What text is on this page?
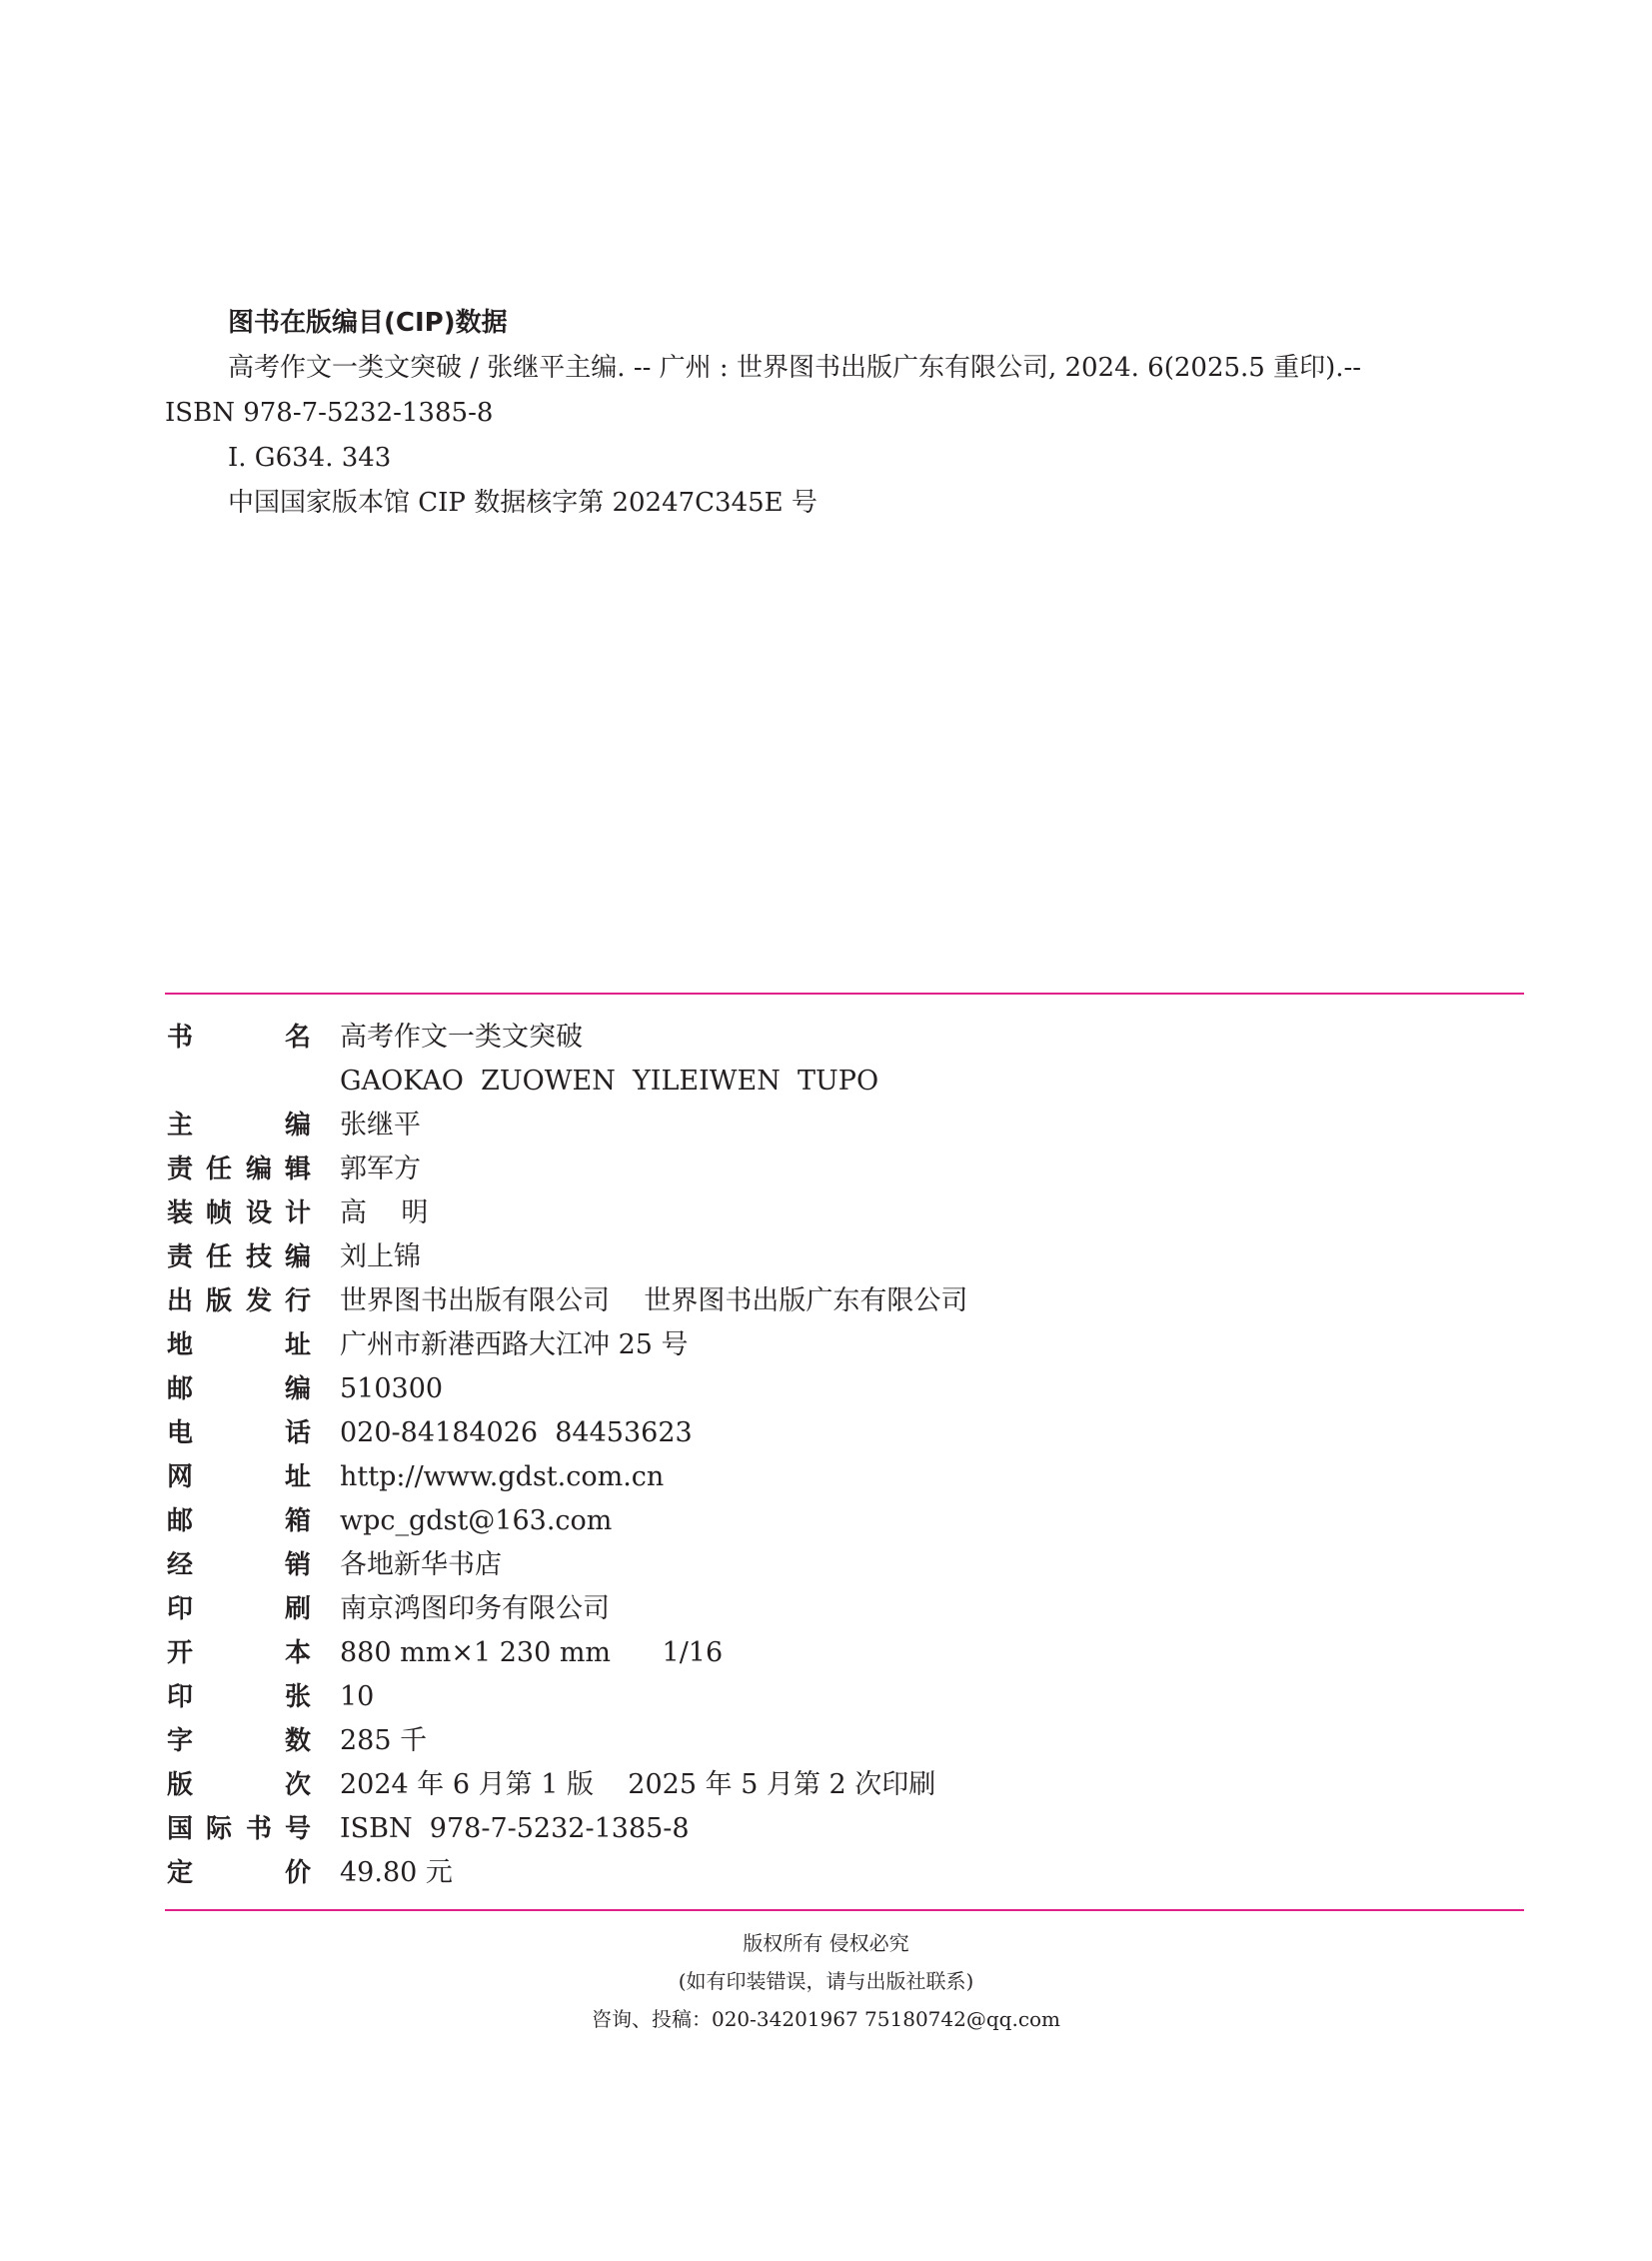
图书在版编目(CIP)数据
高考作文一类文突破 / 张继平主编. -- 广州 : 世界图书出版广东有限公司, 2024. 6(2025.5 重印).--
ISBN 978-7-5232-1385-8
Ⅰ. G634. 343
中国国家版本馆 CIP 数据核字第 20247C345E 号
书	名 高考作文一类文突破
GAOKAO  ZUOWEN  YILEIWEN  TUPO
主	编 张继平
责 任 编 辑 郭军方
装 帧 设 计 高    明
责 任 技 编 刘上锦
出 版 发 行 世界图书出版有限公司    世界图书出版广东有限公司
地	址 广州市新港西路大江冲 25 号
邮	编 510300
电	话 020-84184026  84453623
网	址 http://www.gdst.com.cn
邮	箱 wpc_gdst@163.com
经	销 各地新华书店
印	刷 南京鸿图印务有限公司
开	本 880 mm×1 230 mm      1/16
印	张 10
字	数 285 千
版	次 2024 年 6 月第 1 版    2025 年 5 月第 2 次印刷
国 际 书 号 ISBN  978-7-5232-1385-8
定	价 49.80 元
版权所有 侵权必究
(如有印装错误，请与出版社联系)
咨询、投稿：020-34201967 75180742@qq.com
